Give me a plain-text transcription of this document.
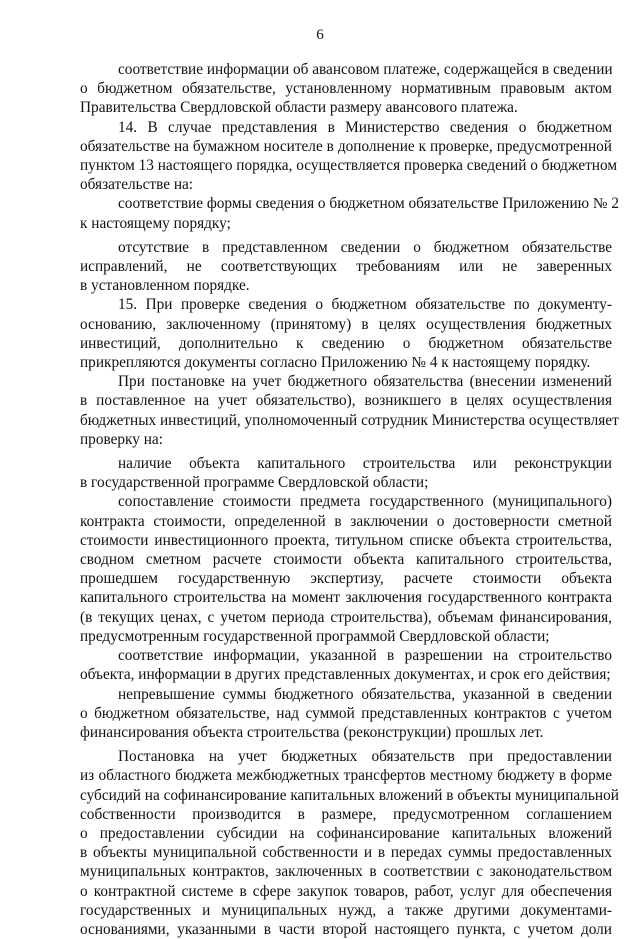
6
соответствие информации об авансовом платеже, содержащейся в сведении
о бюджетном обязательстве, установленному нормативным правовым актом
Правительства Свердловской области размеру авансового платежа.
14. В случае представления в Министерство сведения о бюджетном
обязательстве на бумажном носителе в дополнение к проверке, предусмотренной
пунктом 13 настоящего порядка, осуществляется проверка сведений о бюджетном
обязательстве на:
соответствие формы сведения о бюджетном обязательстве Приложению № 2
к настоящему порядку;
отсутствие в представленном сведении о бюджетном обязательстве
исправлений, не соответствующих требованиям или не заверенных
в установленном порядке.
15. При проверке сведения о бюджетном обязательстве по документу-
основанию, заключенному (принятому) в целях осуществления бюджетных
инвестиций, дополнительно к сведению о бюджетном обязательстве
прикрепляются документы согласно Приложению № 4 к настоящему порядку.
При постановке на учет бюджетного обязательства (внесении изменений
в поставленное на учет обязательство), возникшего в целях осуществления
бюджетных инвестиций, уполномоченный сотрудник Министерства осуществляет
проверку на:
наличие объекта капитального строительства или реконструкции
в государственной программе Свердловской области;
сопоставление стоимости предмета государственного (муниципального)
контракта стоимости, определенной в заключении о достоверности сметной
стоимости инвестиционного проекта, титульном списке объекта строительства,
сводном сметном расчете стоимости объекта капитального строительства,
прошедшем государственную экспертизу, расчете стоимости объекта
капитального строительства на момент заключения государственного контракта
(в текущих ценах, с учетом периода строительства), объемам финансирования,
предусмотренным государственной программой Свердловской области;
соответствие информации, указанной в разрешении на строительство
объекта, информации в других представленных документах, и срок его действия;
непревышение суммы бюджетного обязательства, указанной в сведении
о бюджетном обязательстве, над суммой представленных контрактов с учетом
финансирования объекта строительства (реконструкции) прошлых лет.
Постановка на учет бюджетных обязательств при предоставлении
из областного бюджета межбюджетных трансфертов местному бюджету в форме
субсидий на софинансирование капитальных вложений в объекты муниципальной
собственности производится в размере, предусмотренном соглашением
о предоставлении субсидии на софинансирование капитальных вложений
в объекты муниципальной собственности и в передах суммы предоставленных
муниципальных контрактов, заключенных в соответствии с законодательством
о контрактной системе в сфере закупок товаров, работ, услуг для обеспечения
государственных и муниципальных нужд, а также другими документами-
основаниями, указанными в части второй настоящего пункта, с учетом доли
